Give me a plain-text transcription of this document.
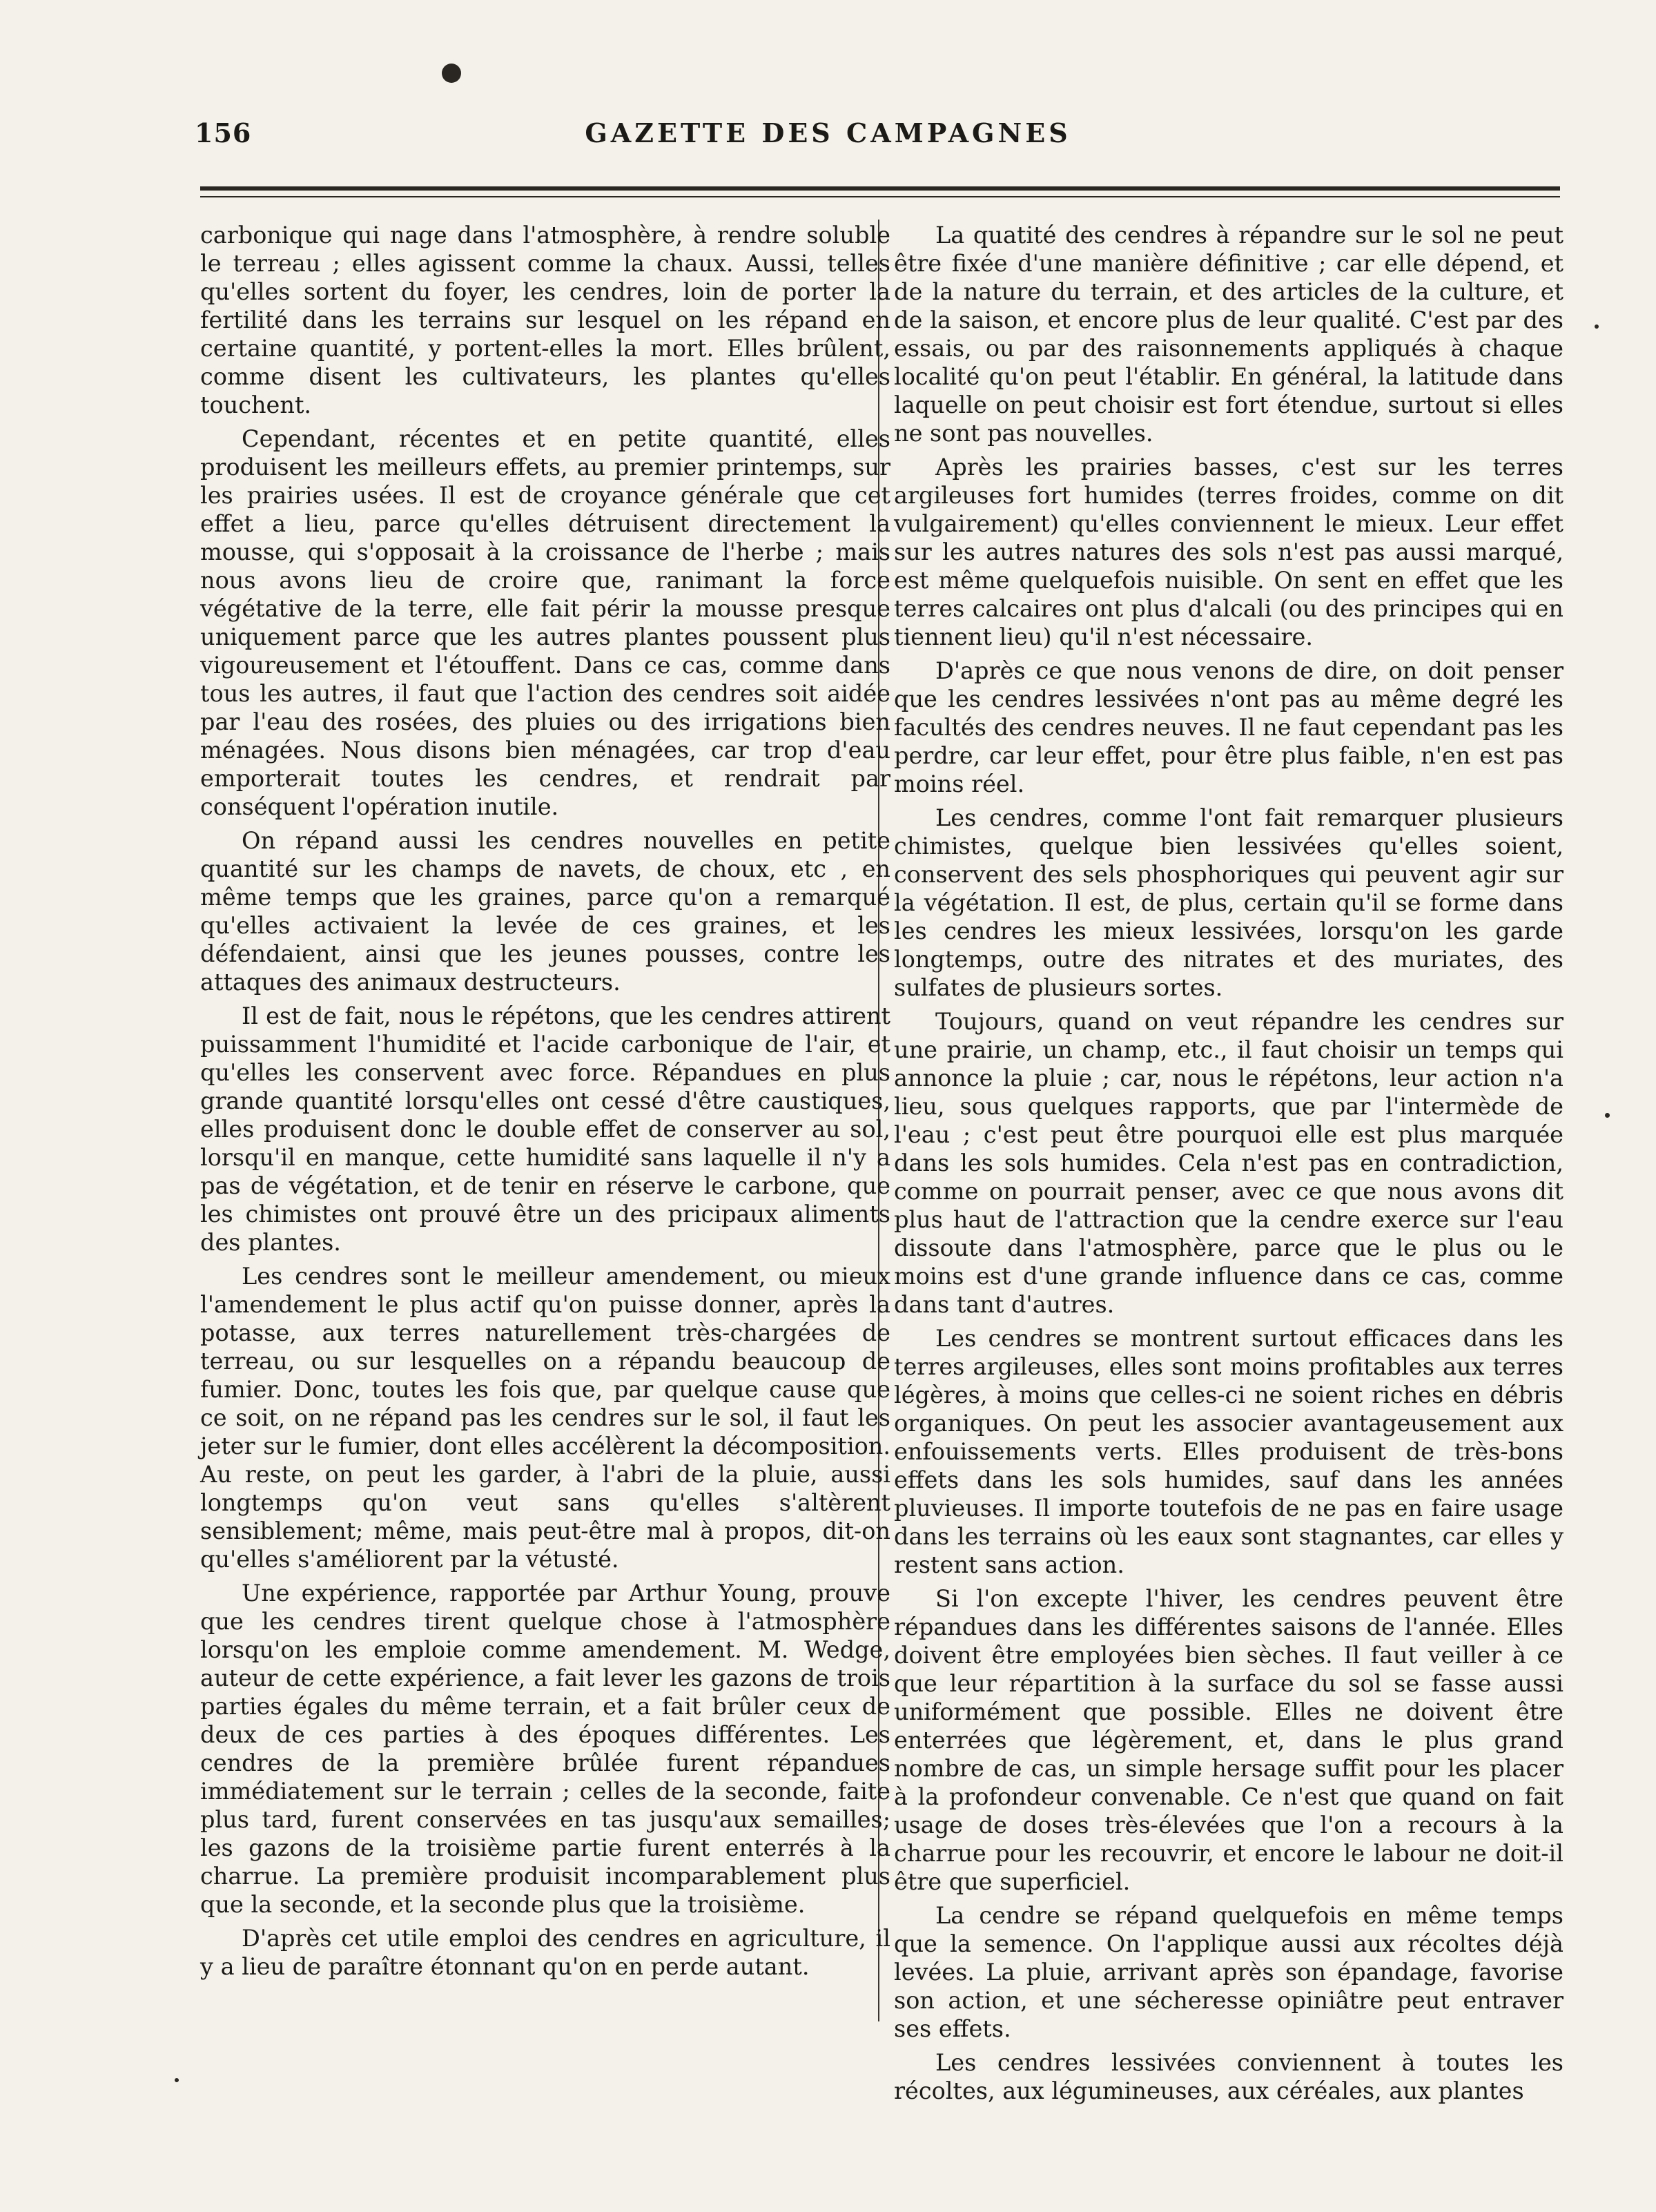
156	GAZETTE DES CAMPAGNES

carbonique qui nage dans l'atmosphère, à rendre soluble le terreau ; elles agissent comme la chaux. Aussi, telles qu'elles sortent du foyer, les cendres, loin de porter la fertilité dans les terrains sur lesquel on les répand en certaine quantité, y portent-elles la mort. Elles brûlent, comme disent les cultivateurs, les plantes qu'elles touchent.

Cependant, récentes et en petite quantité, elles produisent les meilleurs effets, au premier printemps, sur les prairies usées. Il est de croyance générale que cet effet a lieu, parce qu'elles détruisent directement la mousse, qui s'opposait à la croissance de l'herbe ; mais nous avons lieu de croire que, ranimant la force végétative de la terre, elle fait périr la mousse presque uniquement parce que les autres plantes poussent plus vigoureusement et l'étouffent. Dans ce cas, comme dans tous les autres, il faut que l'action des cendres soit aidée par l'eau des rosées, des pluies ou des irrigations bien ménagées. Nous disons bien ménagées, car trop d'eau emporterait toutes les cendres, et rendrait par conséquent l'opération inutile.

On répand aussi les cendres nouvelles en petite quantité sur les champs de navets, de choux, etc , en même temps que les graines, parce qu'on a remarqué qu'elles activaient la levée de ces graines, et les défendaient, ainsi que les jeunes pousses, contre les attaques des animaux destructeurs.

Il est de fait, nous le répétons, que les cendres attirent puissamment l'humidité et l'acide carbonique de l'air, et qu'elles les conservent avec force. Répandues en plus grande quantité lorsqu'elles ont cessé d'être caustiques, elles produisent donc le double effet de conserver au sol, lorsqu'il en manque, cette humidité sans laquelle il n'y a pas de végétation, et de tenir en réserve le carbone, que les chimistes ont prouvé être un des pricipaux aliments des plantes.

Les cendres sont le meilleur amendement, ou mieux l'amendement le plus actif qu'on puisse donner, après la potasse, aux terres naturellement très-chargées de terreau, ou sur lesquelles on a répandu beaucoup de fumier. Donc, toutes les fois que, par quelque cause que ce soit, on ne répand pas les cendres sur le sol, il faut les jeter sur le fumier, dont elles accélèrent la décomposition. Au reste, on peut les garder, à l'abri de la pluie, aussi longtemps qu'on veut sans qu'elles s'altèrent sensiblement; même, mais peut-être mal à propos, dit-on qu'elles s'améliorent par la vétusté.

Une expérience, rapportée par Arthur Young, prouve que les cendres tirent quelque chose à l'atmosphère lorsqu'on les emploie comme amendement. M. Wedge, auteur de cette expérience, a fait lever les gazons de trois parties égales du même terrain, et a fait brûler ceux de deux de ces parties à des époques différentes. Les cendres de la première brûlée furent répandues immédiatement sur le terrain ; celles de la seconde, faite plus tard, furent conservées en tas jusqu'aux semailles; les gazons de la troisième partie furent enterrés à la charrue. La première produisit incomparablement plus que la seconde, et la seconde plus que la troisième.

D'après cet utile emploi des cendres en agriculture, il y a lieu de paraître étonnant qu'on en perde autant.

La quatité des cendres à répandre sur le sol ne peut être fixée d'une manière définitive ; car elle dépend, et de la nature du terrain, et des articles de la culture, et de la saison, et encore plus de leur qualité. C'est par des essais, ou par des raisonnements appliqués à chaque localité qu'on peut l'établir. En général, la latitude dans laquelle on peut choisir est fort étendue, surtout si elles ne sont pas nouvelles.

Après les prairies basses, c'est sur les terres argileuses fort humides (terres froides, comme on dit vulgairement) qu'elles conviennent le mieux. Leur effet sur les autres natures des sols n'est pas aussi marqué, est même quelquefois nuisible. On sent en effet que les terres calcaires ont plus d'alcali (ou des principes qui en tiennent lieu) qu'il n'est nécessaire.

D'après ce que nous venons de dire, on doit penser que les cendres lessivées n'ont pas au même degré les facultés des cendres neuves. Il ne faut cependant pas les perdre, car leur effet, pour être plus faible, n'en est pas moins réel.

Les cendres, comme l'ont fait remarquer plusieurs chimistes, quelque bien lessivées qu'elles soient, conservent des sels phosphoriques qui peuvent agir sur la végétation. Il est, de plus, certain qu'il se forme dans les cendres les mieux lessivées, lorsqu'on les garde longtemps, outre des nitrates et des muriates, des sulfates de plusieurs sortes.

Toujours, quand on veut répandre les cendres sur une prairie, un champ, etc., il faut choisir un temps qui annonce la pluie ; car, nous le répétons, leur action n'a lieu, sous quelques rapports, que par l'intermède de l'eau ; c'est peut être pourquoi elle est plus marquée dans les sols humides. Cela n'est pas en contradiction, comme on pourrait penser, avec ce que nous avons dit plus haut de l'attraction que la cendre exerce sur l'eau dissoute dans l'atmosphère, parce que le plus ou le moins est d'une grande influence dans ce cas, comme dans tant d'autres.

Les cendres se montrent surtout efficaces dans les terres argileuses, elles sont moins profitables aux terres légères, à moins que celles-ci ne soient riches en débris organiques. On peut les associer avantageusement aux enfouissements verts. Elles produisent de très-bons effets dans les sols humides, sauf dans les années pluvieuses. Il importe toutefois de ne pas en faire usage dans les terrains où les eaux sont stagnantes, car elles y restent sans action.

Si l'on excepte l'hiver, les cendres peuvent être répandues dans les différentes saisons de l'année. Elles doivent être employées bien sèches. Il faut veiller à ce que leur répartition à la surface du sol se fasse aussi uniformément que possible. Elles ne doivent être enterrées que légèrement, et, dans le plus grand nombre de cas, un simple hersage suffit pour les placer à la profondeur convenable. Ce n'est que quand on fait usage de doses très-élevées que l'on a recours à la charrue pour les recouvrir, et encore le labour ne doit-il être que superficiel.

La cendre se répand quelquefois en même temps que la semence. On l'applique aussi aux récoltes déjà levées. La pluie, arrivant après son épandage, favorise son action, et une sécheresse opiniâtre peut entraver ses effets.

Les cendres lessivées conviennent à toutes les récoltes, aux légumineuses, aux céréales, aux plantes
